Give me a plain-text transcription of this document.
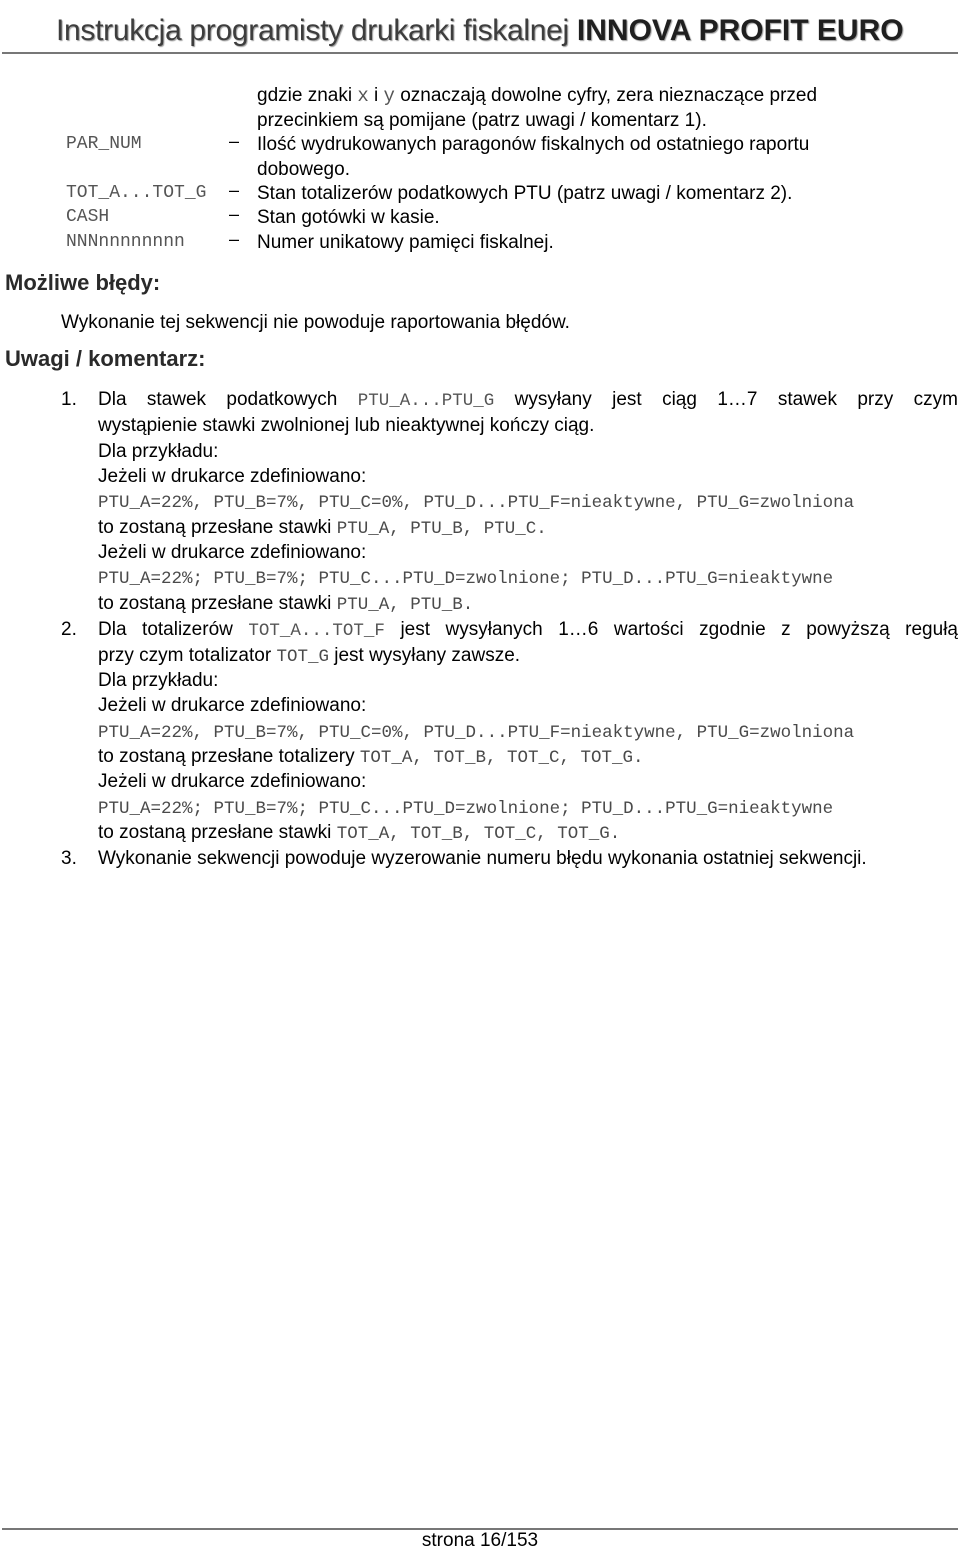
Instrukcja programisty drukarki fiskalnej INNOVA PROFIT EURO
gdzie znaki x i y oznaczają dowolne cyfry, zera nieznaczące przed
przecinkiem są pomijane (patrz uwagi / komentarz 1).
PAR_NUM	– Ilość wydrukowanych paragonów fiskalnych od ostatniego raportu
dobowego.
TOT_A...TOT_G – Stan totalizerów podatkowych PTU (patrz uwagi / komentarz 2).
CASH	– Stan gotówki w kasie.
NNNnnnnnnnn – Numer unikatowy pamięci fiskalnej.
Możliwe błędy:
Wykonanie tej sekwencji nie powoduje raportowania błędów.
Uwagi / komentarz:
1. Dla stawek podatkowych PTU_A...PTU_G wysyłany jest ciąg 1…7 stawek przy czym
wystąpienie stawki zwolnionej lub nieaktywnej kończy ciąg.
Dla przykładu:
Jeżeli w drukarce zdefiniowano:
PTU_A=22%, PTU_B=7%, PTU_C=0%, PTU_D...PTU_F=nieaktywne, PTU_G=zwolniona
to zostaną przesłane stawki PTU_A, PTU_B, PTU_C.
Jeżeli w drukarce zdefiniowano:
PTU_A=22%; PTU_B=7%; PTU_C...PTU_D=zwolnione; PTU_D...PTU_G=nieaktywne
to zostaną przesłane stawki PTU_A, PTU_B.
2. Dla totalizerów TOT_A...TOT_F jest wysyłanych 1…6 wartości zgodnie z powyższą regułą
przy czym totalizator TOT_G jest wysyłany zawsze.
Dla przykładu:
Jeżeli w drukarce zdefiniowano:
PTU_A=22%, PTU_B=7%, PTU_C=0%, PTU_D...PTU_F=nieaktywne, PTU_G=zwolniona
to zostaną przesłane totalizery TOT_A, TOT_B, TOT_C, TOT_G.
Jeżeli w drukarce zdefiniowano:
PTU_A=22%; PTU_B=7%; PTU_C...PTU_D=zwolnione; PTU_D...PTU_G=nieaktywne
to zostaną przesłane stawki TOT_A, TOT_B, TOT_C, TOT_G.
3. Wykonanie sekwencji powoduje wyzerowanie numeru błędu wykonania ostatniej sekwencji.
strona 16/153
